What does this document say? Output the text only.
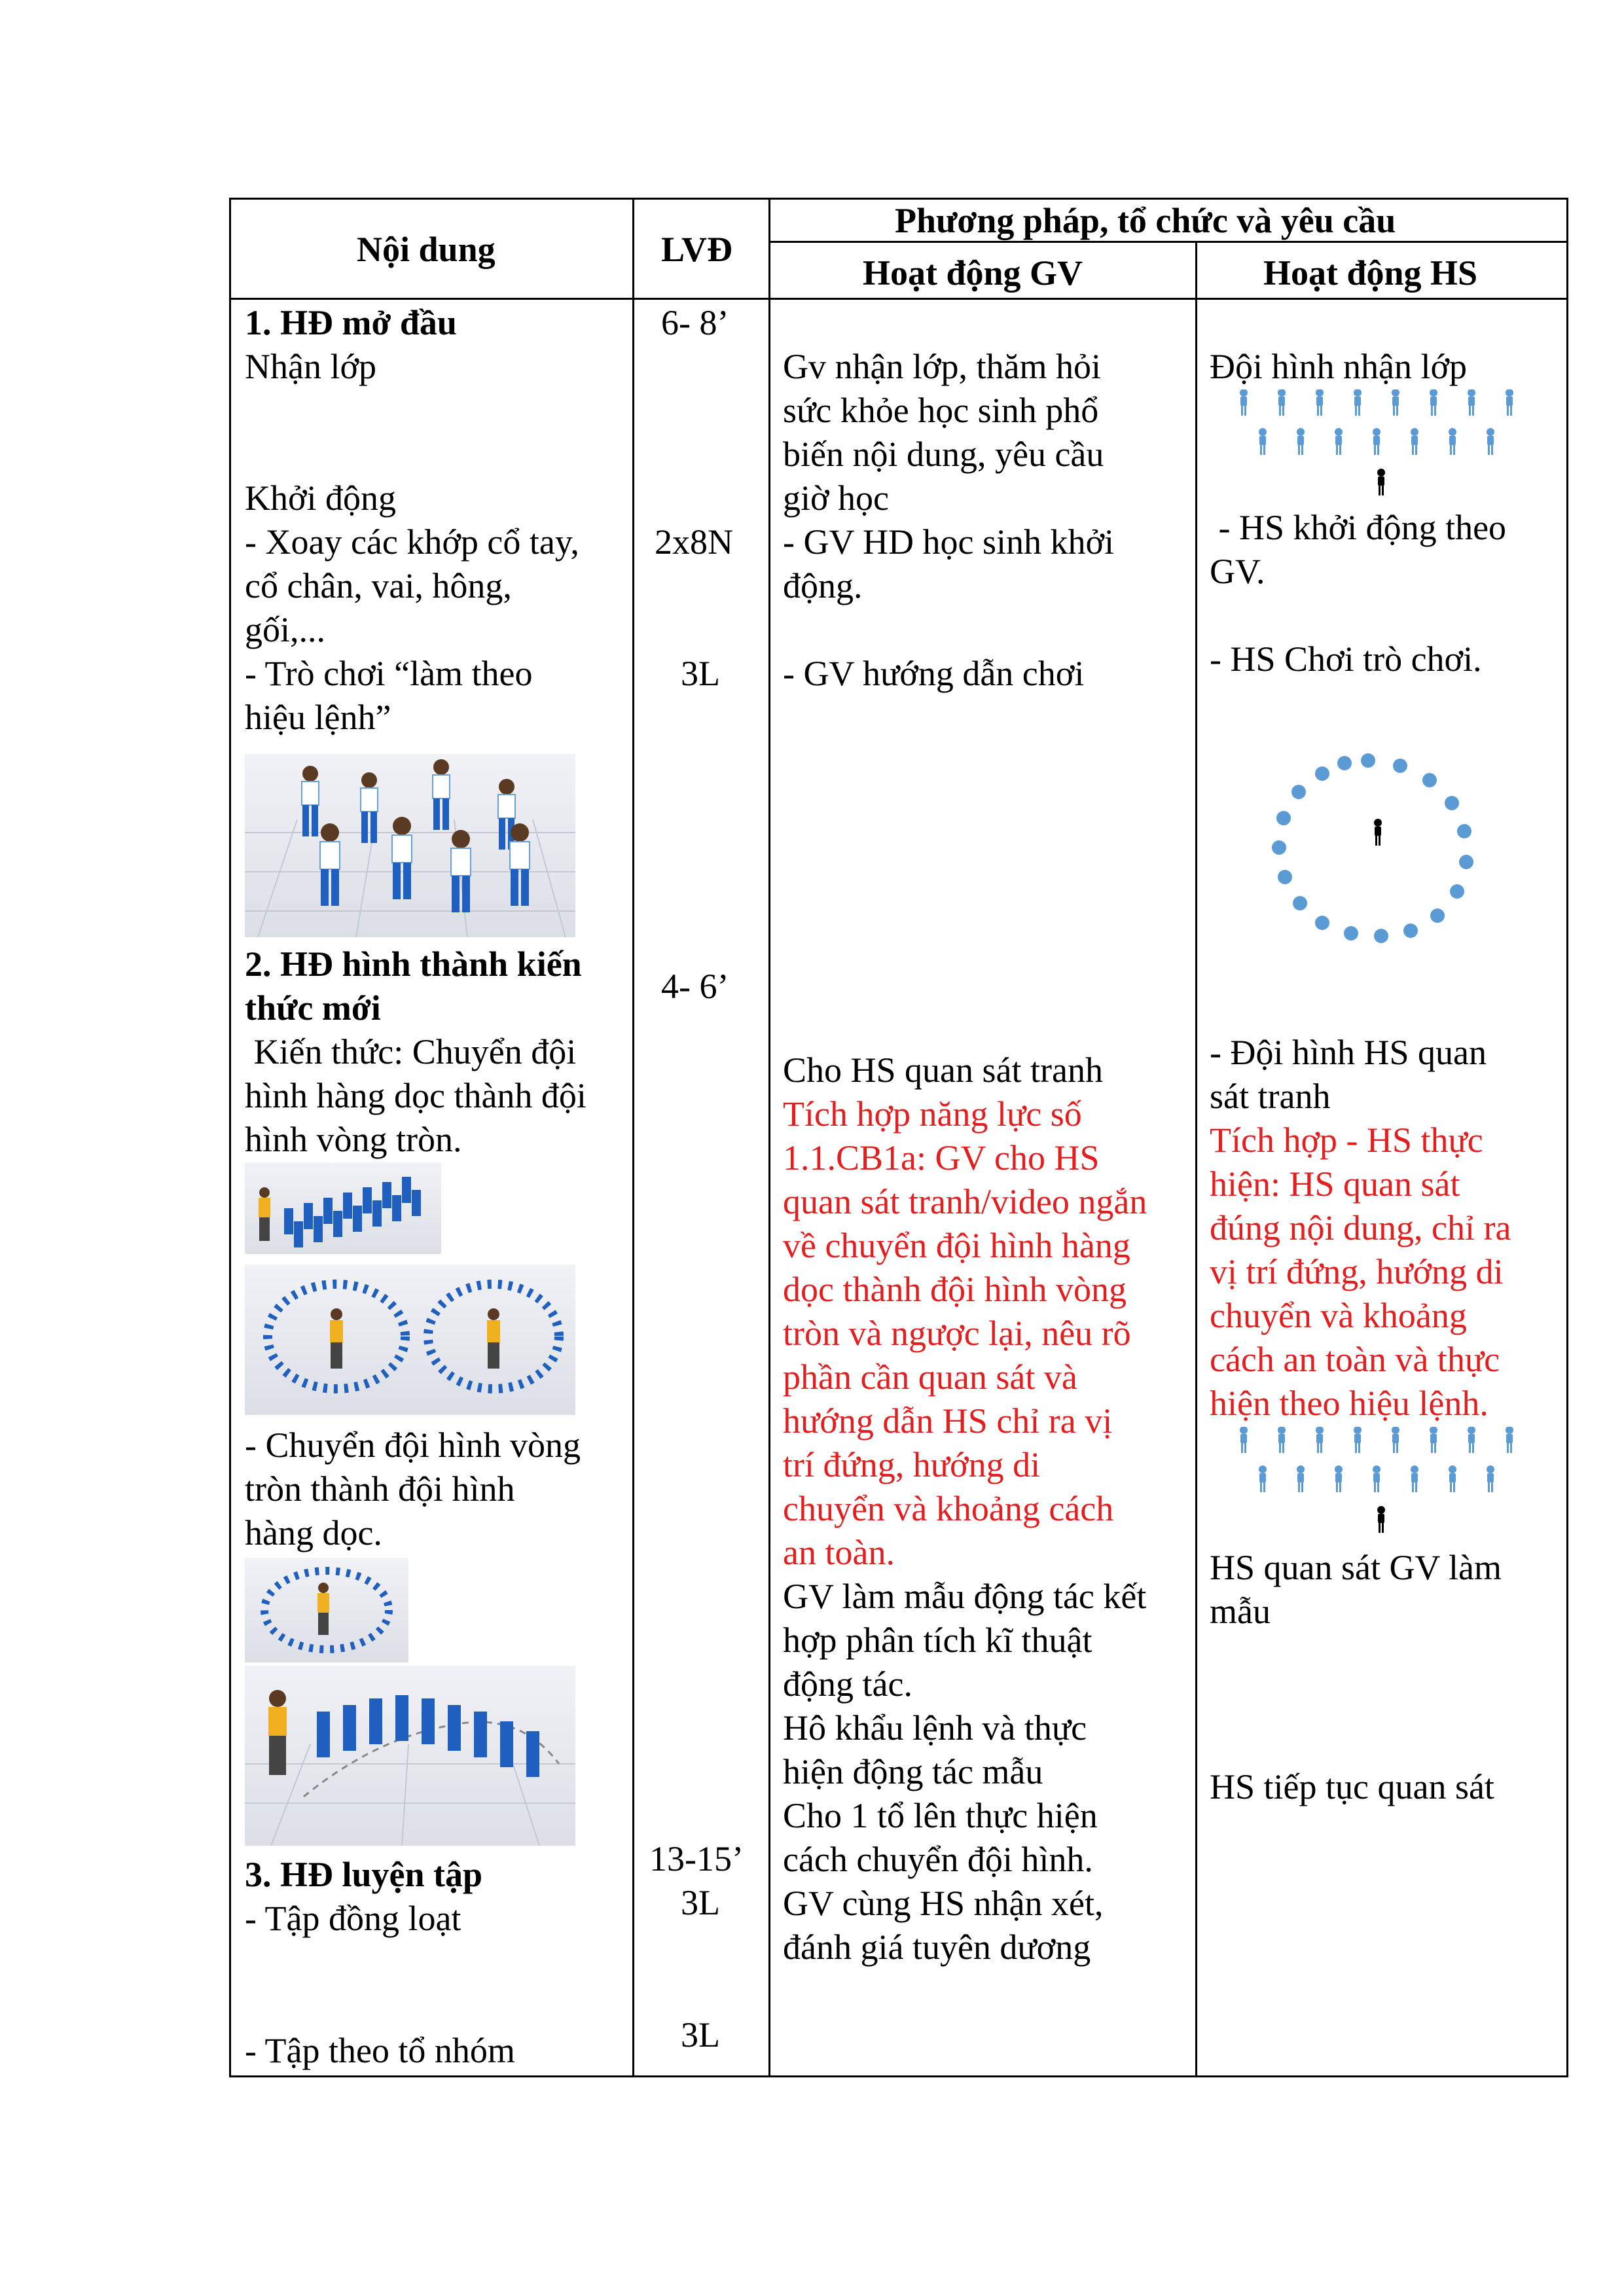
Nội dung	LVĐ
Phương pháp, tổ chức và yêu cầu
Hoạt động GV	Hoạt động HS
1. HĐ mở đầu
Nhận lớp
Khởi động
- Xoay các khớp cổ tay,
cổ chân, vai, hông,
gối,...
- Trò chơi “làm theo
hiệu lệnh”
2. HĐ hình thành kiến
thức mới
Kiến thức: Chuyển đội
hình hàng dọc thành đội
hình vòng tròn.
- Chuyển đội hình vòng
tròn thành đội hình
hàng dọc.
3. HĐ luyện tập
- Tập đồng loạt
- Tập theo tổ nhóm
6- 8’
2x8N
3L
4- 6’
13-15’
3L
3L
Gv nhận lớp, thăm hỏi
sức khỏe học sinh phổ
biến nội dung, yêu cầu
giờ học
- GV HD học sinh khởi
động.
- GV hướng dẫn chơi
Cho HS quan sát tranh
Tích hợp năng lực số
1.1.CB1a: GV cho HS
quan sát tranh/video ngắn
về chuyển đội hình hàng
dọc thành đội hình vòng
tròn và ngược lại, nêu rõ
phần cần quan sát và
hướng dẫn HS chỉ ra vị
trí đứng, hướng di
chuyển và khoảng cách
an toàn.
GV làm mẫu động tác kết
hợp phân tích kĩ thuật
động tác.
Hô khẩu lệnh và thực
hiện động tác mẫu
Cho 1 tổ lên thực hiện
cách chuyển đội hình.
GV cùng HS nhận xét,
đánh giá tuyên dương
Đội hình nhận lớp
- HS khởi động theo
GV.
- HS Chơi trò chơi.
- Đội hình HS quan
sát tranh
Tích hợp - HS thực
hiện: HS quan sát
đúng nội dung, chỉ ra
vị trí đứng, hướng di
chuyển và khoảng
cách an toàn và thực
hiện theo hiệu lệnh.
HS quan sát GV làm
mẫu
HS tiếp tục quan sát
